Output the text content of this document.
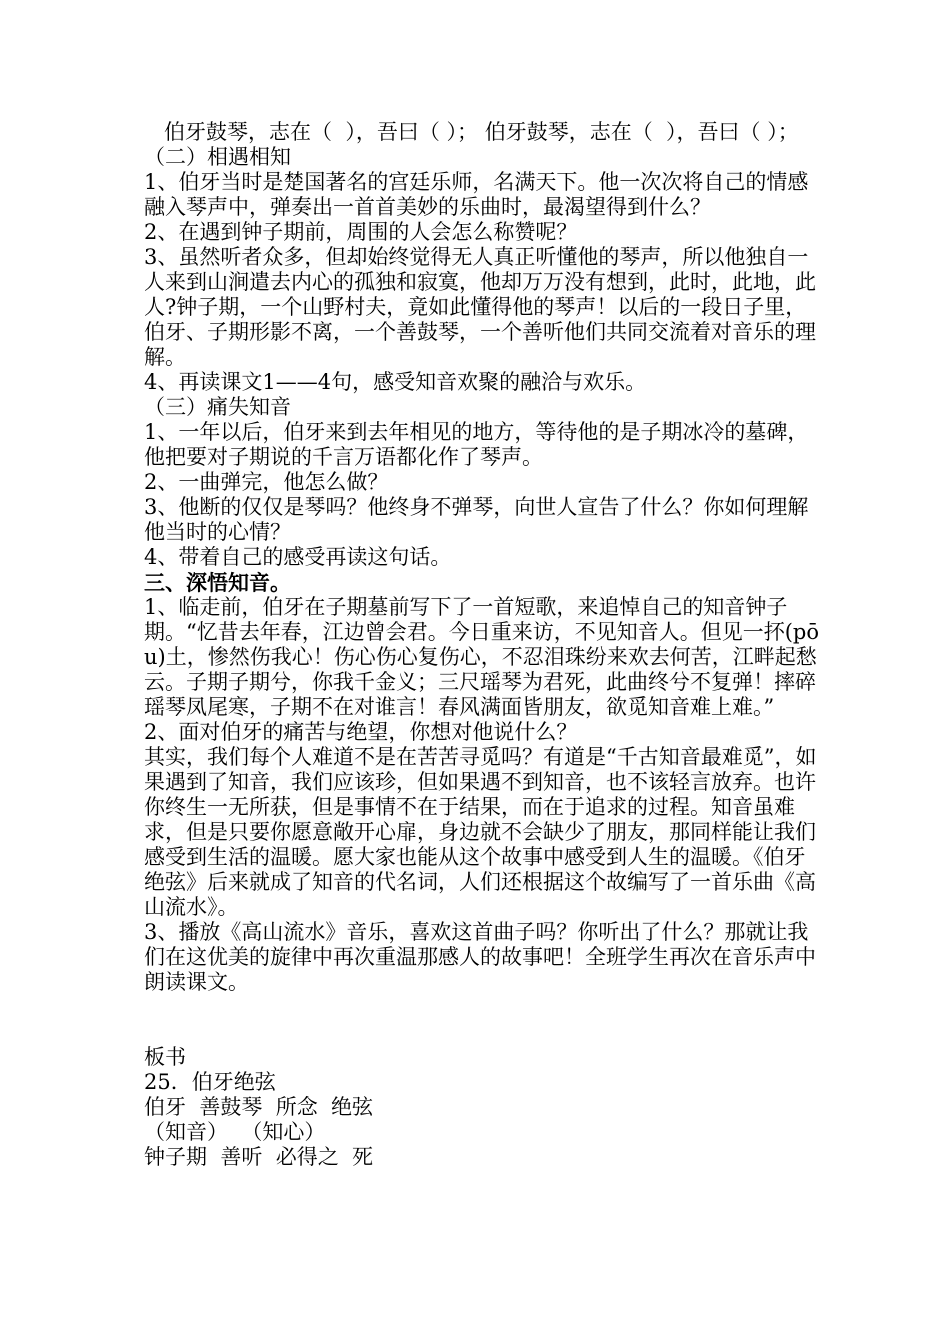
伯牙鼓琴，志在（  ），吾曰（ ）； 伯牙鼓琴，志在（  ），吾曰（ ）；

（二）相遇相知

1、伯牙当时是楚国著名的宫廷乐师，名满天下。他一次次将自己的情感融入琴声中，弹奏出一首首美妙的乐曲时，最渴望得到什么？

2、在遇到钟子期前，周围的人会怎么称赞呢？

3、虽然听者众多，但却始终觉得无人真正听懂他的琴声，所以他独自一人来到山涧遣去内心的孤独和寂寞，他却万万没有想到，此时，此地，此人?钟子期，一个山野村夫，竟如此懂得他的琴声！以后的一段日子里，伯牙、子期形影不离，一个善鼓琴，一个善听他们共同交流着对音乐的理解。

4、再读课文1——4句，感受知音欢聚的融洽与欢乐。

（三）痛失知音

1、一年以后，伯牙来到去年相见的地方，等待他的是子期冰冷的墓碑，他把要对子期说的千言万语都化作了琴声。

2、一曲弹完，他怎么做？

3、他断的仅仅是琴吗？他终身不弹琴，向世人宣告了什么？你如何理解他当时的心情？

4、带着自己的感受再读这句话。

三、深悟知音。

1、临走前，伯牙在子期墓前写下了一首短歌，来追悼自己的知音钟子期。“忆昔去年春，江边曾会君。今日重来访，不见知音人。但见一抔(pōu)土，惨然伤我心！伤心伤心复伤心，不忍泪珠纷来欢去何苦，江畔起愁云。子期子期兮，你我千金义；三尺瑶琴为君死，此曲终兮不复弹！摔碎瑶琴凤尾寒，子期不在对谁言！春风满面皆朋友，欲觅知音难上难。”

2、面对伯牙的痛苦与绝望，你想对他说什么？

其实，我们每个人难道不是在苦苦寻觅吗？有道是“千古知音最难觅”，如果遇到了知音，我们应该珍，但如果遇不到知音，也不该轻言放弃。也许你终生一无所获，但是事情不在于结果，而在于追求的过程。知音虽难求，但是只要你愿意敞开心扉，身边就不会缺少了朋友，那同样能让我们感受到生活的温暖。愿大家也能从这个故事中感受到人生的温暖。《伯牙绝弦》后来就成了知音的代名词，人们还根据这个故编写了一首乐曲《高山流水》。

3、播放《高山流水》音乐，喜欢这首曲子吗？你听出了什么？那就让我们在这优美的旋律中再次重温那感人的故事吧！全班学生再次在音乐声中朗读课文。

板书

25．伯牙绝弦

伯牙  善鼓琴  所念  绝弦

（知音）  （知心）

钟子期  善听  必得之  死
